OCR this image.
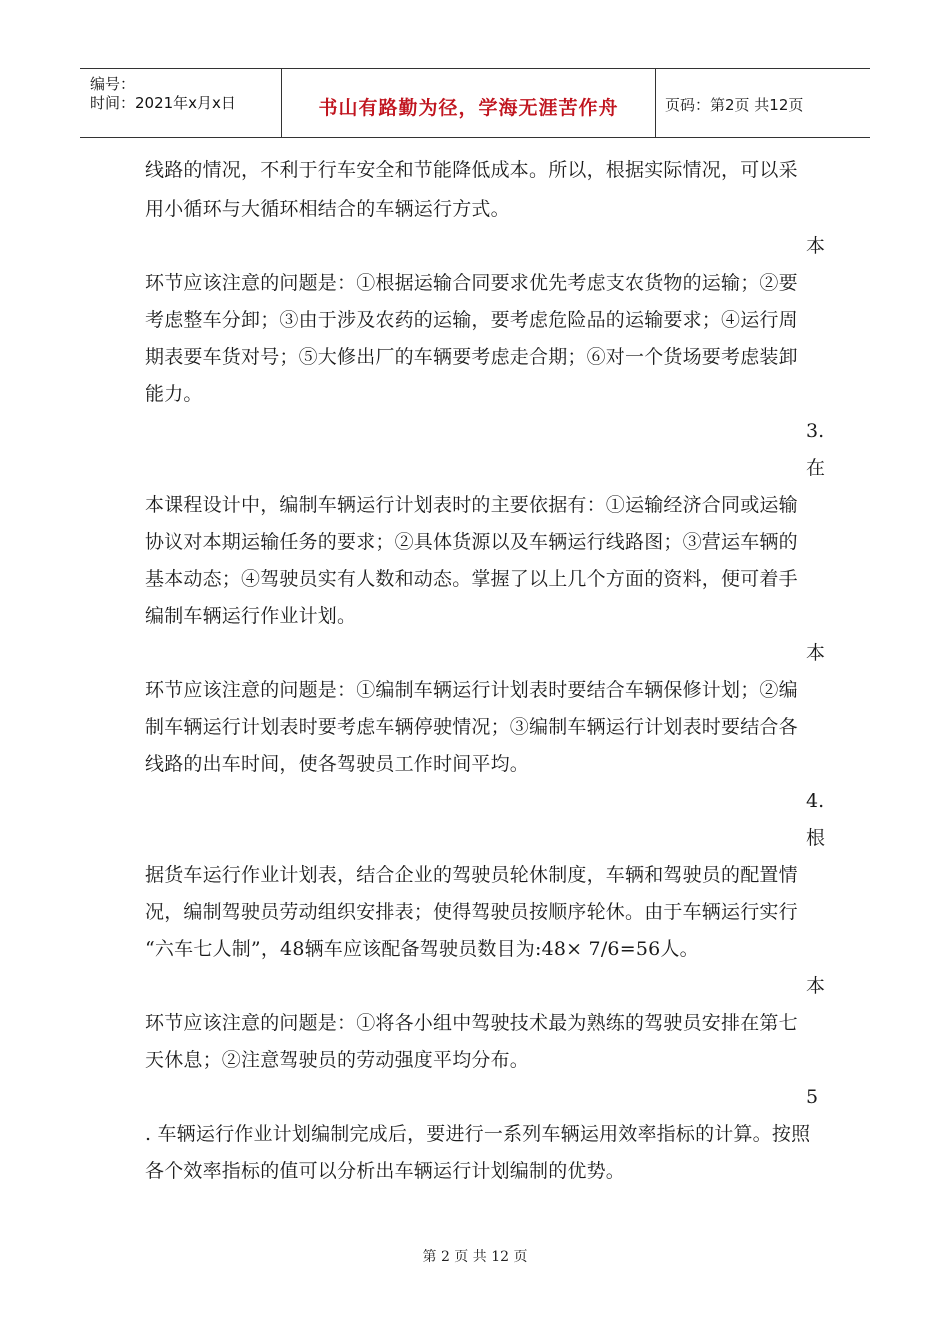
编号：
时间：2021年x月x日	书山有路勤为径，学海无涯苦作舟	页码：第2页 共12页
线路的情况，不利于行车安全和节能降低成本。所以，根据实际情况，可以采
用小循环与大循环相结合的车辆运行方式。
本
环节应该注意的问题是：①根据运输合同要求优先考虑支农货物的运输；②要
考虑整车分卸；③由于涉及农药的运输，要考虑危险品的运输要求；④运行周
期表要车货对号；⑤大修出厂的车辆要考虑走合期；⑥对一个货场要考虑装卸
能力。
3.
在
本课程设计中，编制车辆运行计划表时的主要依据有：①运输经济合同或运输
协议对本期运输任务的要求；②具体货源以及车辆运行线路图；③营运车辆的
基本动态；④驾驶员实有人数和动态。掌握了以上几个方面的资料，便可着手
编制车辆运行作业计划。
本
环节应该注意的问题是：①编制车辆运行计划表时要结合车辆保修计划；②编
制车辆运行计划表时要考虑车辆停驶情况；③编制车辆运行计划表时要结合各
线路的出车时间，使各驾驶员工作时间平均。
4.
根
据货车运行作业计划表，结合企业的驾驶员轮休制度，车辆和驾驶员的配置情
况，编制驾驶员劳动组织安排表；使得驾驶员按顺序轮休。由于车辆运行实行
“六车七人制”，48辆车应该配备驾驶员数目为:48× 7/6=56人。
本
环节应该注意的问题是：①将各小组中驾驶技术最为熟练的驾驶员安排在第七
天休息；②注意驾驶员的劳动强度平均分布。
5
. 车辆运行作业计划编制完成后，要进行一系列车辆运用效率指标的计算。按照
各个效率指标的值可以分析出车辆运行计划编制的优势。
第 2 页 共 12 页
